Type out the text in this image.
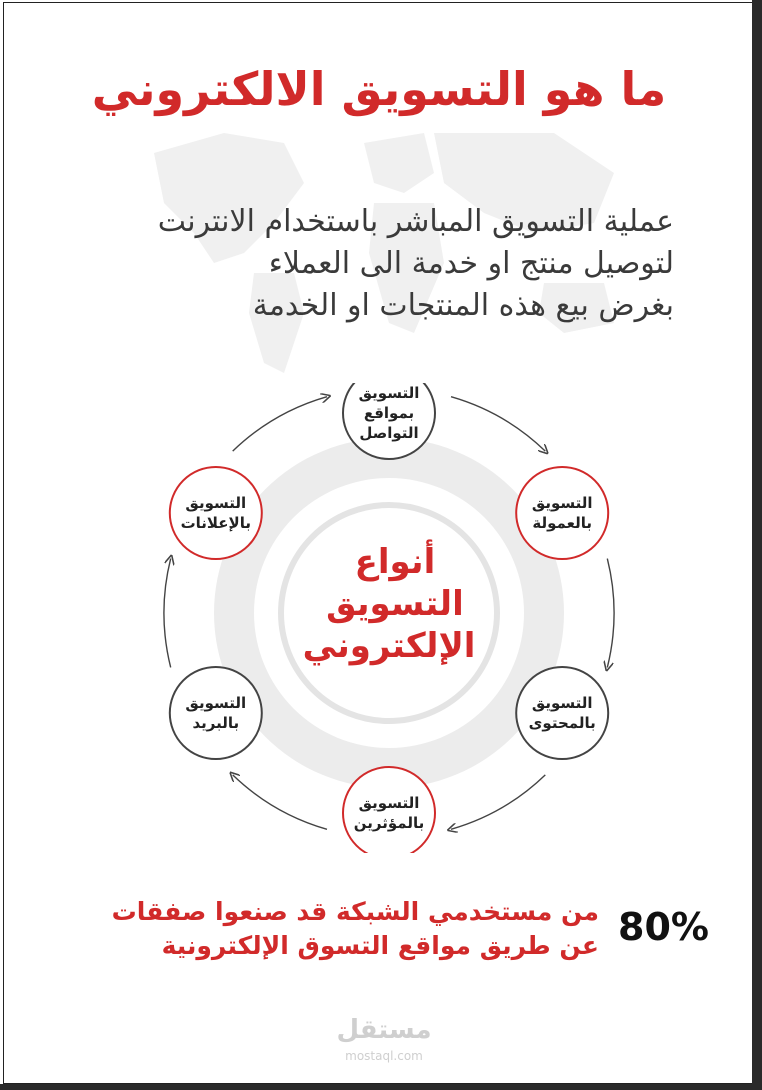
ما هو التسويق الالكتروني
عملية التسويق المباشر باستخدام الانترنت
لتوصيل منتج او خدمة الى العملاء
بغرض بيع هذه المنتجات او الخدمة
أنواع التسويق الإلكتروني
التسويق
بمواقع
التواصل
التسويق
بالعمولة
التسويق
بالمحتوى
التسويق
بالمؤثرين
التسويق
بالبريد
التسويق
بالإعلانات
80%
من مستخدمي الشبكة قد صنعوا صفقات
عن طريق مواقع التسوق الإلكترونية
مستقل
mostaql.com
